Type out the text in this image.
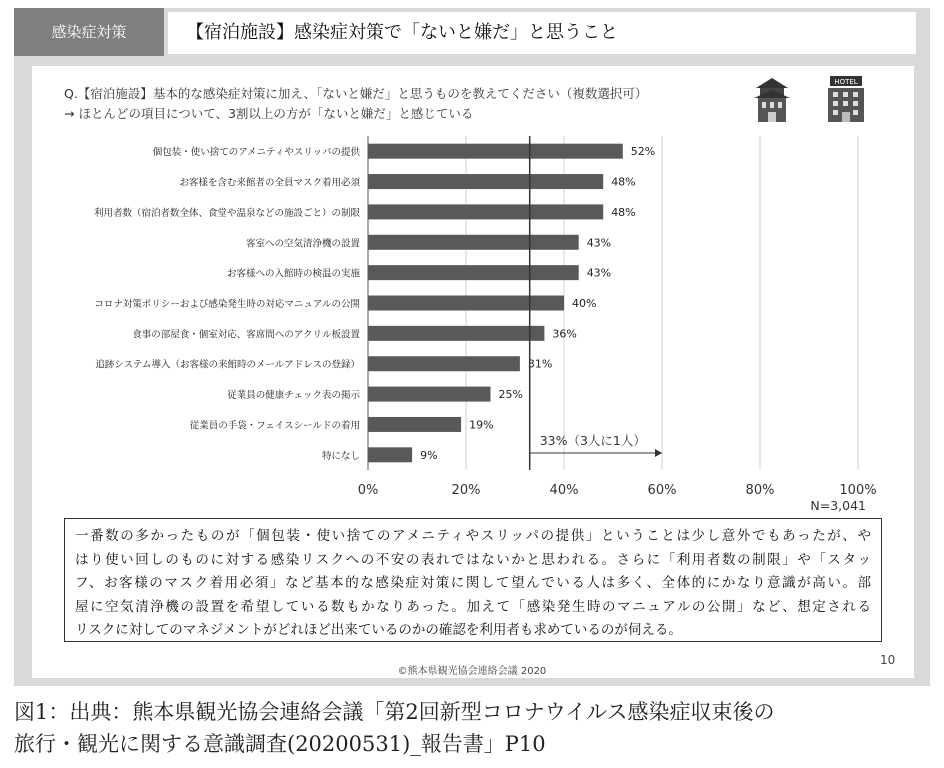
感染症対策	【宿泊施設】感染症対策で「ないと嫌だ」と思うこと
Q.【宿泊施設】基本的な感染症対策に加え、「ないと嫌だ」と思うものを教えてください（複数選択可）
→ ほとんどの項目について、3割以上の方が「ないと嫌だ」と感じている
HOTEL
0%	20%	40%	60%	80%	100%
N=3,041
個包装・使い捨てのアメニティやスリッパの提供	52%
お客様を含む来館者の全員マスク着用必須	48%
利用者数（宿泊者数全体、食堂や温泉などの施設ごと）の制限	48%
客室への空気清浄機の設置	43%
お客様への入館時の検温の実施	43%
コロナ対策ポリシーおよび感染発生時の対応マニュアルの公開	40%
食事の部屋食・個室対応、客席間へのアクリル板設置	36%
追跡システム導入（お客様の来館時のメールアドレスの登録）	31%
従業員の健康チェック表の掲示	25%
従業員の手袋・フェイスシールドの着用	19%
特になし	9%
33%（3人に1人）
一番数の多かったものが「個包装・使い捨てのアメニティやスリッパの提供」ということは少し意外でもあったが、や
はり使い回しのものに対する感染リスクへの不安の表れではないかと思われる。さらに「利用者数の制限」や「スタッ
フ、お客様のマスク着用必須」など基本的な感染症対策に関して望んでいる人は多く、全体的にかなり意識が高い。部
屋に空気清浄機の設置を希望している数もかなりあった。加えて「感染発生時のマニュアルの公開」など、想定される
リスクに対してのマネジメントがどれほど出来ているのかの確認を利用者も求めているのが伺える。
©熊本県観光協会連絡会議 2020
10
図1：出典：熊本県観光協会連絡会議「第2回新型コロナウイルス感染症収束後の
旅行・観光に関する意識調査(20200531)_報告書」P10
